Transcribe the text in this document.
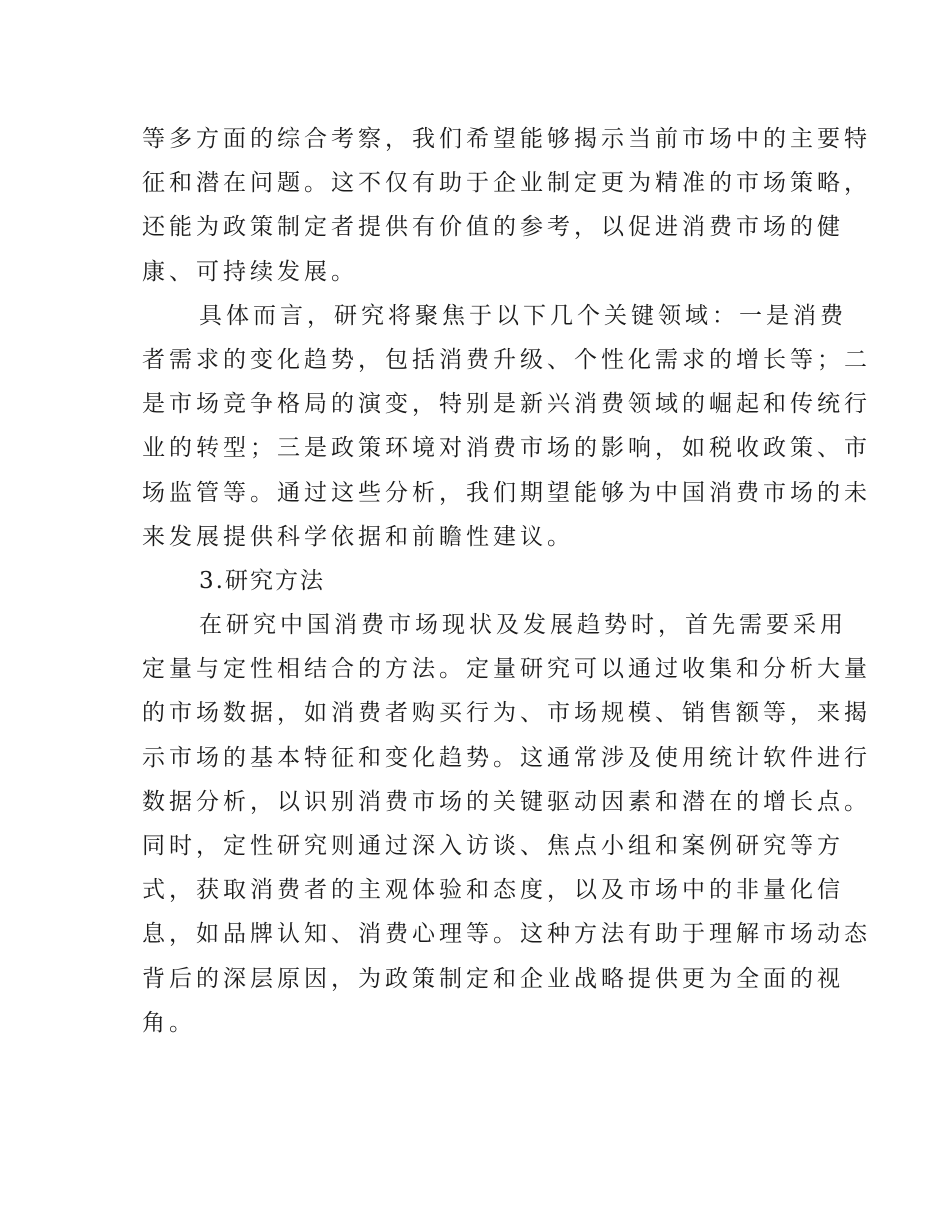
等多方面的综合考察，我们希望能够揭示当前市场中的主要特
征和潜在问题。这不仅有助于企业制定更为精准的市场策略，
还能为政策制定者提供有价值的参考，以促进消费市场的健
康、可持续发展。
具体而言，研究将聚焦于以下几个关键领域：一是消费
者需求的变化趋势，包括消费升级、个性化需求的增长等；二
是市场竞争格局的演变，特别是新兴消费领域的崛起和传统行
业的转型；三是政策环境对消费市场的影响，如税收政策、市
场监管等。通过这些分析，我们期望能够为中国消费市场的未
来发展提供科学依据和前瞻性建议。
3.研究方法
在研究中国消费市场现状及发展趋势时，首先需要采用
定量与定性相结合的方法。定量研究可以通过收集和分析大量
的市场数据，如消费者购买行为、市场规模、销售额等，来揭
示市场的基本特征和变化趋势。这通常涉及使用统计软件进行
数据分析，以识别消费市场的关键驱动因素和潜在的增长点。
同时，定性研究则通过深入访谈、焦点小组和案例研究等方
式，获取消费者的主观体验和态度，以及市场中的非量化信
息，如品牌认知、消费心理等。这种方法有助于理解市场动态
背后的深层原因，为政策制定和企业战略提供更为全面的视
角。
